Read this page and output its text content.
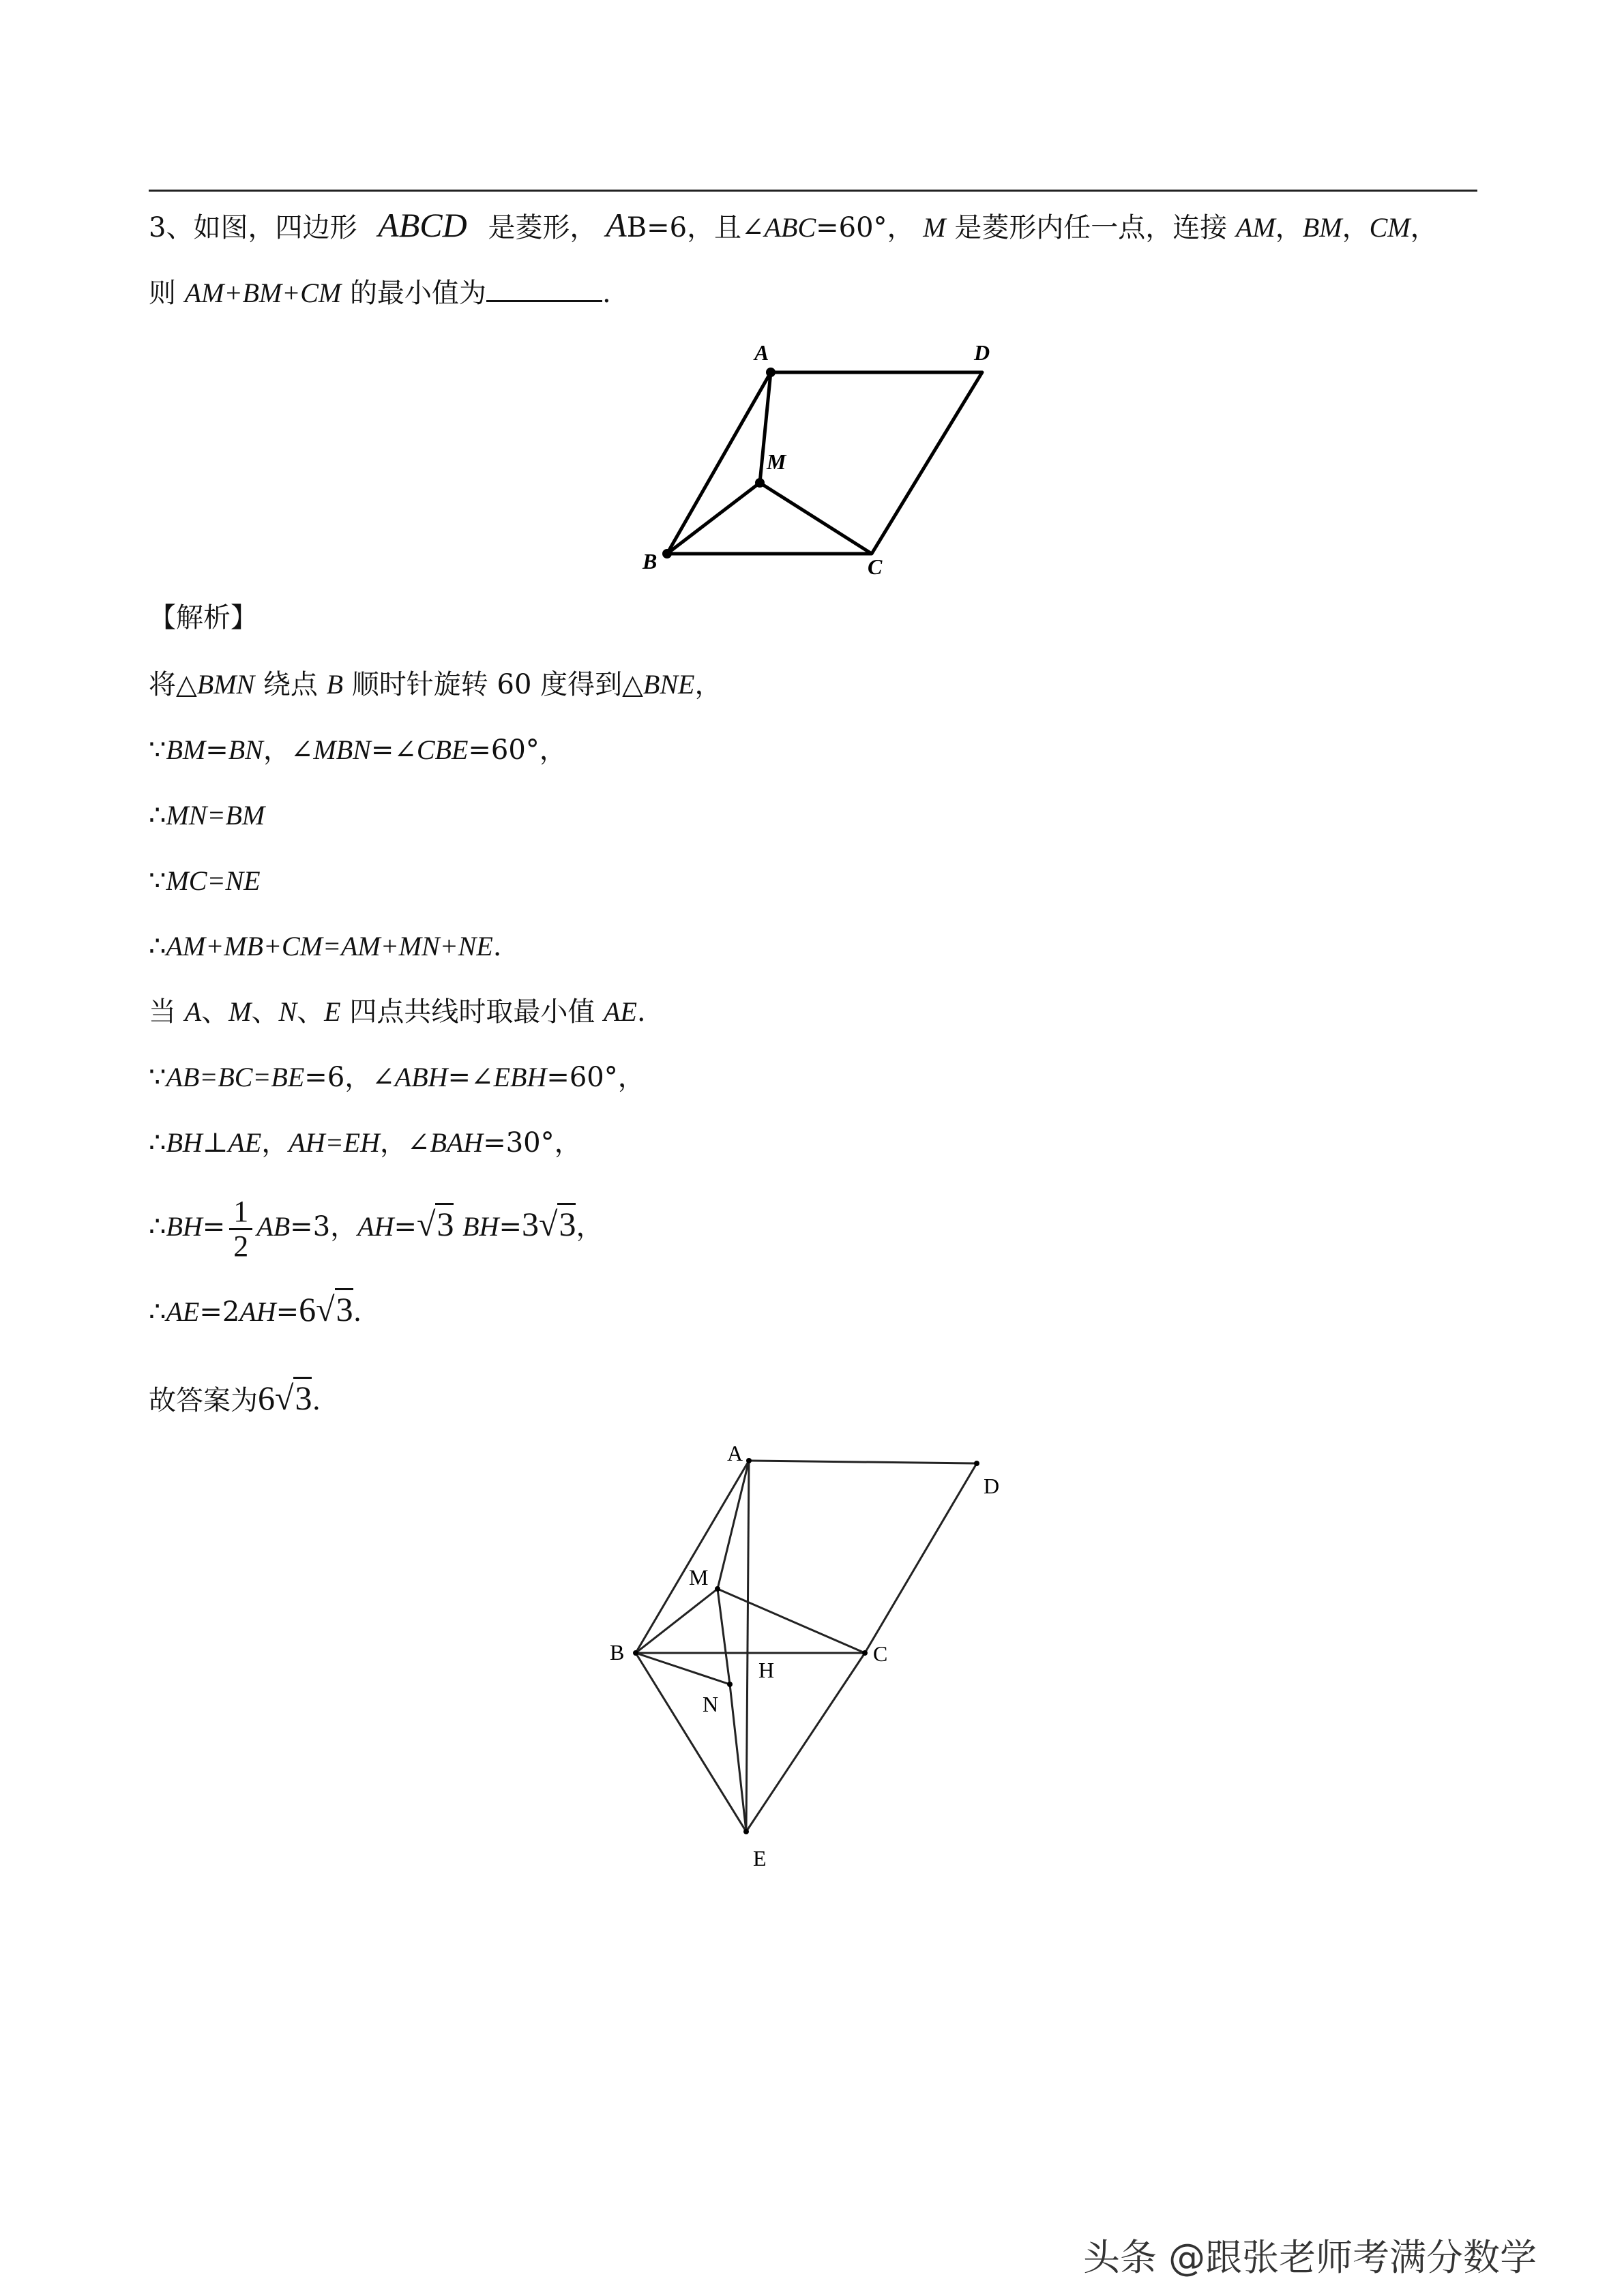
3、如图，四边形 ABCD 是菱形， AB=6，且∠ABC=60°， M 是菱形内任一点，连接 AM，BM，CM，
则 AM+BM+CM 的最小值为	.
A	D
M
B	C
【解析】
将△BMN 绕点 B 顺时针旋转 60 度得到△BNE，
∵BM=BN，∠MBN=∠CBE=60°，
∴MN=BM
∵MC=NE
∴AM+MB+CM=AM+MN+NE.
当 A、M、N、E 四点共线时取最小值 AE.
∵AB=BC=BE=6，∠ABH=∠EBH=60°，
∴BH⊥AE，AH=EH，∠BAH=30°，
∴BH= $\frac{1}{2} AB=3$，AH=√3 BH=3√3，
∴AE=2AH=6√3.
故答案为6√3.
A
D
M
B
H
C
N
E
头条 @跟张老师考满分数学
